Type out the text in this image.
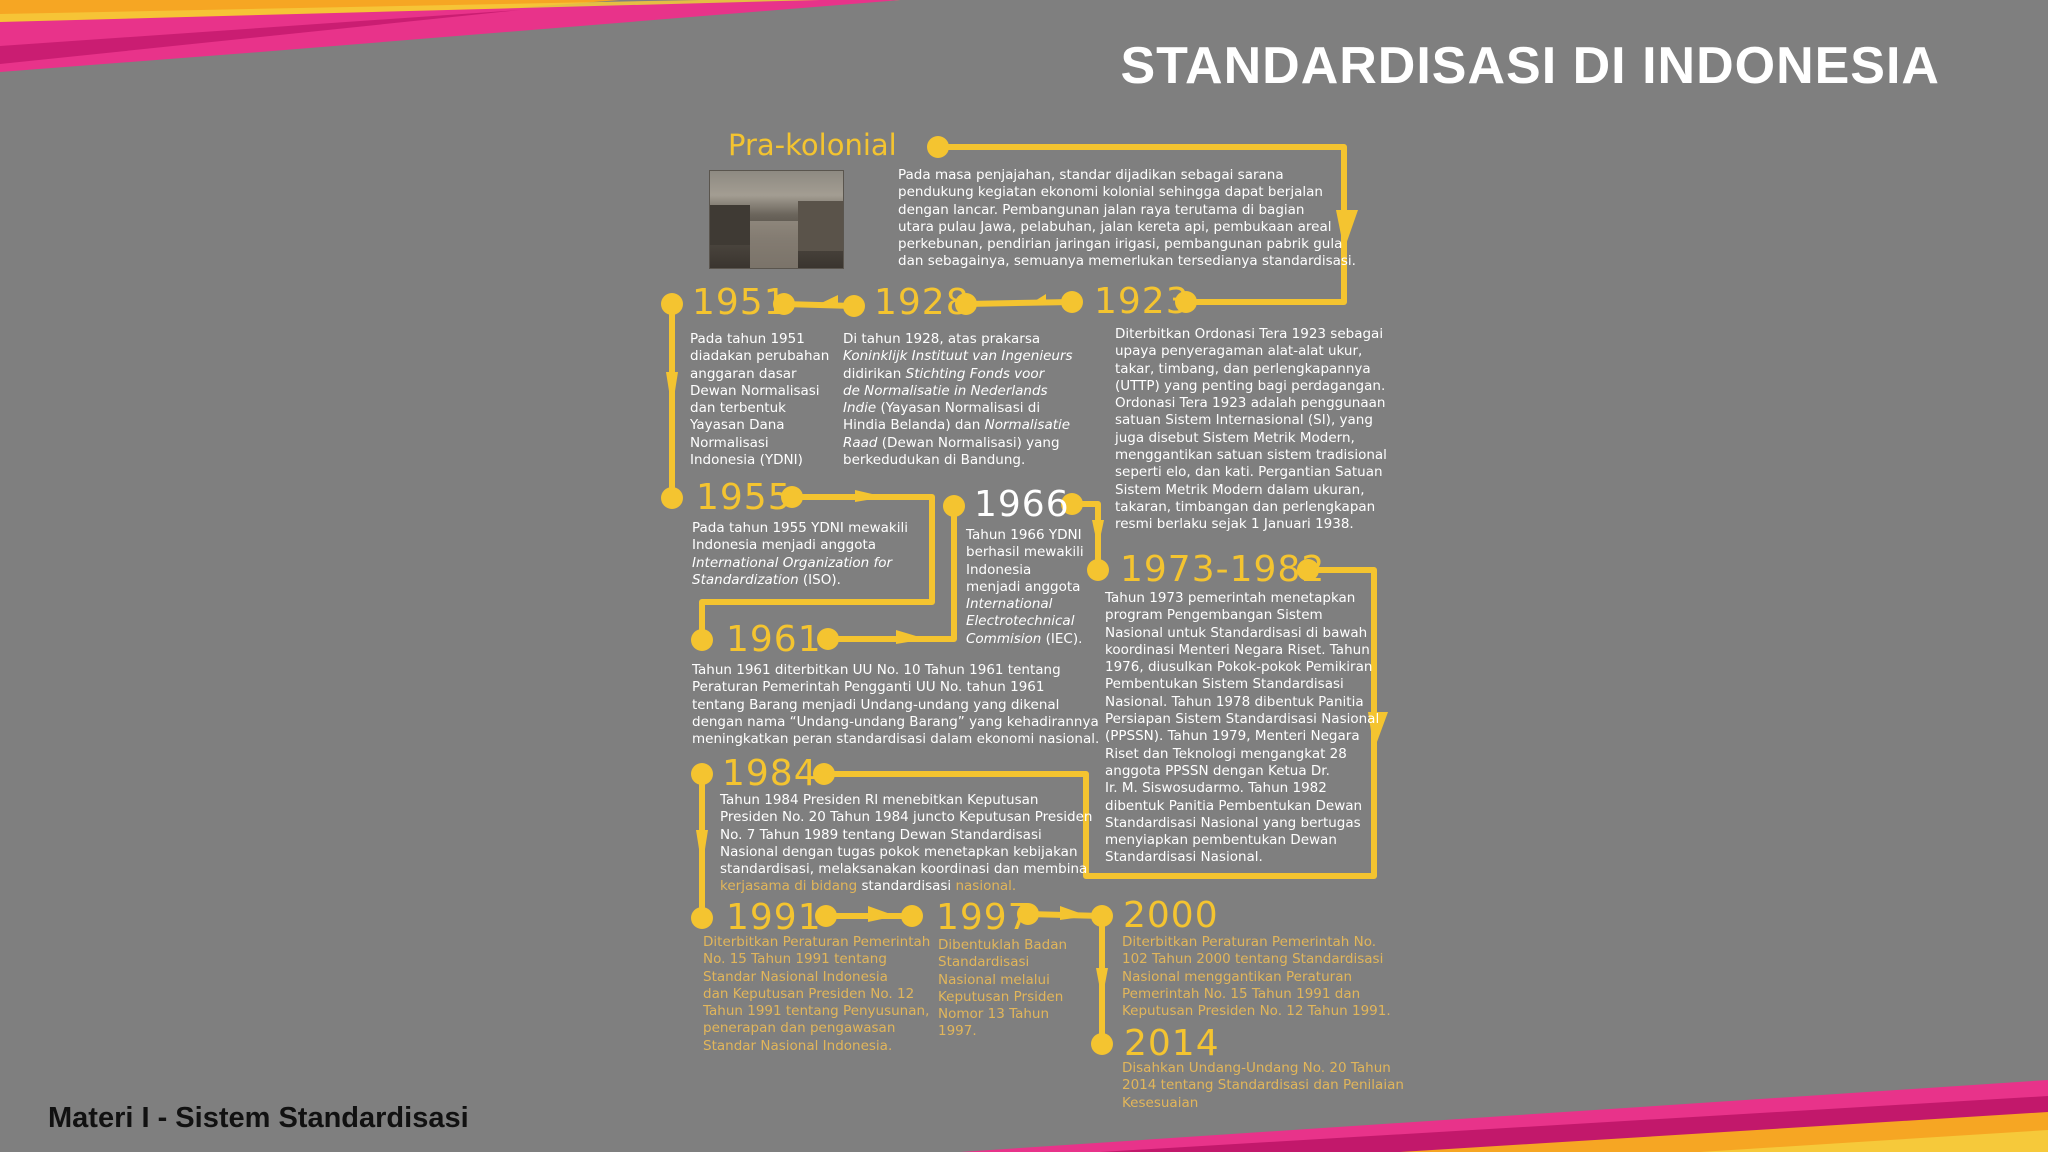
STANDARDISASI DI INDONESIA
Pra-kolonial
Pada masa penjajahan, standar dijadikan sebagai sarana
pendukung kegiatan ekonomi kolonial sehingga dapat berjalan
dengan lancar. Pembangunan jalan raya terutama di bagian
utara pulau Jawa, pelabuhan, jalan kereta api, pembukaan areal
perkebunan, pendirian jaringan irigasi, pembangunan pabrik gula
dan sebagainya, semuanya memerlukan tersedianya standardisasi.
1951
Pada tahun 1951
diadakan perubahan
anggaran dasar
Dewan Normalisasi
dan terbentuk
Yayasan Dana
Normalisasi
Indonesia (YDNI)
1928
Di tahun 1928, atas prakarsa
Koninklijk Instituut van Ingenieurs
didirikan Stichting Fonds voor
de Normalisatie in Nederlands
Indie (Yayasan Normalisasi di
Hindia Belanda) dan Normalisatie
Raad (Dewan Normalisasi) yang
berkedudukan di Bandung.
1923
Diterbitkan Ordonasi Tera 1923 sebagai
upaya penyeragaman alat-alat ukur,
takar, timbang, dan perlengkapannya
(UTTP) yang penting bagi perdagangan.
Ordonasi Tera 1923 adalah penggunaan
satuan Sistem Internasional (SI), yang
juga disebut Sistem Metrik Modern,
menggantikan satuan sistem tradisional
seperti elo, dan kati. Pergantian Satuan
Sistem Metrik Modern dalam ukuran,
takaran, timbangan dan perlengkapan
resmi berlaku sejak 1 Januari 1938.
1955
Pada tahun 1955 YDNI mewakili
Indonesia menjadi anggota
International Organization for
Standardization (ISO).
1966
Tahun 1966 YDNI
berhasil mewakili
Indonesia
menjadi anggota
International
Electrotechnical
Commision (IEC).
1961
Tahun 1961 diterbitkan UU No. 10 Tahun 1961 tentang
Peraturan Pemerintah Pengganti UU No. tahun 1961
tentang Barang menjadi Undang-undang yang dikenal
dengan nama “Undang-undang Barang” yang kehadirannya
meningkatkan peran standardisasi dalam ekonomi nasional.
1973-1982
Tahun 1973 pemerintah menetapkan
program Pengembangan Sistem
Nasional untuk Standardisasi di bawah
koordinasi Menteri Negara Riset. Tahun
1976, diusulkan Pokok-pokok Pemikiran
Pembentukan Sistem Standardisasi
Nasional. Tahun 1978 dibentuk Panitia
Persiapan Sistem Standardisasi Nasional
(PPSSN). Tahun 1979, Menteri Negara
Riset dan Teknologi mengangkat 28
anggota PPSSN dengan Ketua Dr.
Ir. M. Siswosudarmo. Tahun 1982
dibentuk Panitia Pembentukan Dewan
Standardisasi Nasional yang bertugas
menyiapkan pembentukan Dewan
Standardisasi Nasional.
1984
Tahun 1984 Presiden RI menebitkan Keputusan
Presiden No. 20 Tahun 1984 juncto Keputusan Presiden
No. 7 Tahun 1989 tentang Dewan Standardisasi
Nasional dengan tugas pokok menetapkan kebijakan
standardisasi, melaksanakan koordinasi dan membina
kerjasama di bidang standardisasi nasional.
1991
Diterbitkan Peraturan Pemerintah
No. 15 Tahun 1991 tentang
Standar Nasional Indonesia
dan Keputusan Presiden No. 12
Tahun 1991 tentang Penyusunan,
penerapan dan pengawasan
Standar Nasional Indonesia.
1997
Dibentuklah Badan
Standardisasi
Nasional melalui
Keputusan Prsiden
Nomor 13 Tahun
1997.
2000
Diterbitkan Peraturan Pemerintah No.
102 Tahun 2000 tentang Standardisasi
Nasional menggantikan Peraturan
Pemerintah No. 15 Tahun 1991 dan
Keputusan Presiden No. 12 Tahun 1991.
2014
Disahkan Undang-Undang No. 20 Tahun
2014 tentang Standardisasi dan Penilaian
Kesesuaian
Materi I - Sistem Standardisasi
